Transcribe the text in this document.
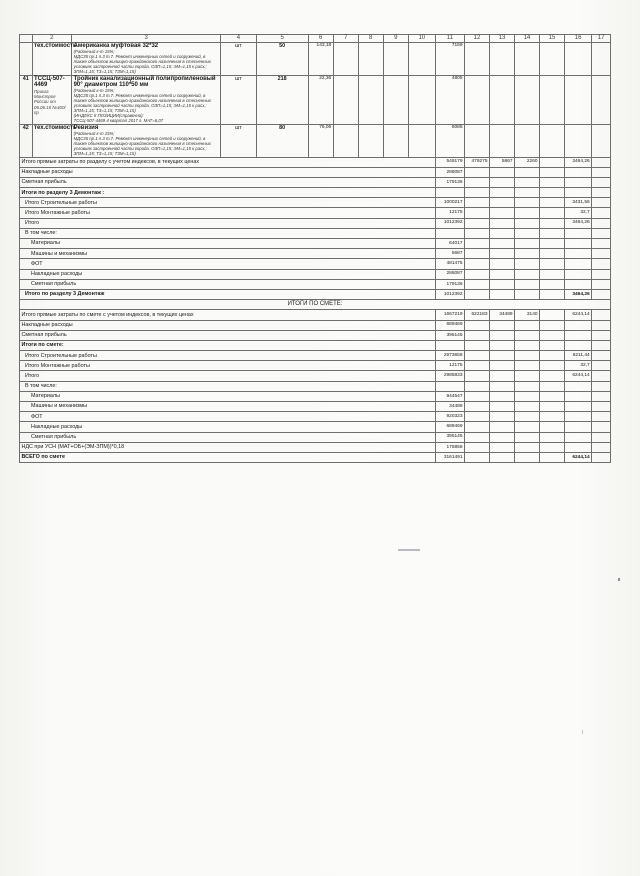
	2	3	4	5	6	7	8	9	10	11	12	13	14	15	16	17
	тех.стоимость	Американка муфтовая 32*32
(Районный к-т 15%;
МДС35 пр.1 п.3 т.7. Ремонт инженерных сетей и сооружений, в также объектов жилищно-гражданского назначения в стесненных условиях застроенной части города. ОЗП=1,15; ЭМ=1,15 к расх.; ЗПМ=1,15; ТЗ=1,15; ТЗМ=1,15)	шт	50	143,18					7159						
41	ТССЦ-507-4469
Приказ Минстроя России от 06.06.16 №400/пр	Тройник канализационный полипропиленовый 90° диаметром 110*50 мм
(Районный к-т 15%;
МДС35 пр.1 п.3 т.7. Ремонт инженерных сетей и сооружений, в также объектов жилищно-гражданского назначения в стесненных условиях застроенной части города. ОЗП=1,15; ЭМ=1,15 к расх.; ЗПМ=1,15; ТЗ=1,15; ТЗМ=1,15)
(ИНДЕКС К ПОЗИЦИИ(справочно):
ТССЦ-507-4469 4 квартал 2017 г. МАТ=6,07	шт	218	22,36					4805						
42	тех.стоимость	Ревизия
(Районный к-т 15%;
МДС35 пр.1 п.3 т.7. Ремонт инженерных сетей и сооружений, в также объектов жилищно-гражданского назначения в стесненных условиях застроенной части города. ОЗП=1,15; ЭМ=1,15 к расх.; ЗПМ=1,15; ТЗ=1,15; ТЗМ=1,15)	шт	80	76,06					6085						
Итого прямые затраты по разделу с учетом индексов, в текущих ценах										549179	479275	5867	2260		3464,26	
Накладные расходы										286087						
Сметная прибыль										179136						
Итоги по разделу 3 Демонтаж :																
Итого Строительные работы										1000217					3431,56	
Итого Монтажные работы										12175					32,7	
Итого										1012392					3464,26	
В том числе:																
Материалы										64017						
Машины и механизмы										5687						
ФОТ										481475						
Накладные расходы										286087						
Сметная прибыль										179136						
Итого по разделу 3 Демонтаж										1012392					3464,26	
ИТОГИ ПО СМЕТЕ:																
Итого прямые затраты по смете с учетом индексов, в текущих ценах										1667219	622183	34489	3140		6244,14	
Накладные расходы										689469						
Сметная прибыль										395145						
Итоги по смете:																
Итого Строительные работы										2973658					6211,44	
Итого Монтажные работы										12175					32,7	
Итого										2985833					6244,14	
В том числе:																
Материалы										944547						
Машины и механизмы										34489						
ФОТ										920323						
Накладные расходы										689469						
Сметная прибыль										395145						
НДС при УСН (МАТ+ОБ+(ЭМ-ЗПМ))*0,18										175858						
ВСЕГО по смете										3161491					6244,14	
